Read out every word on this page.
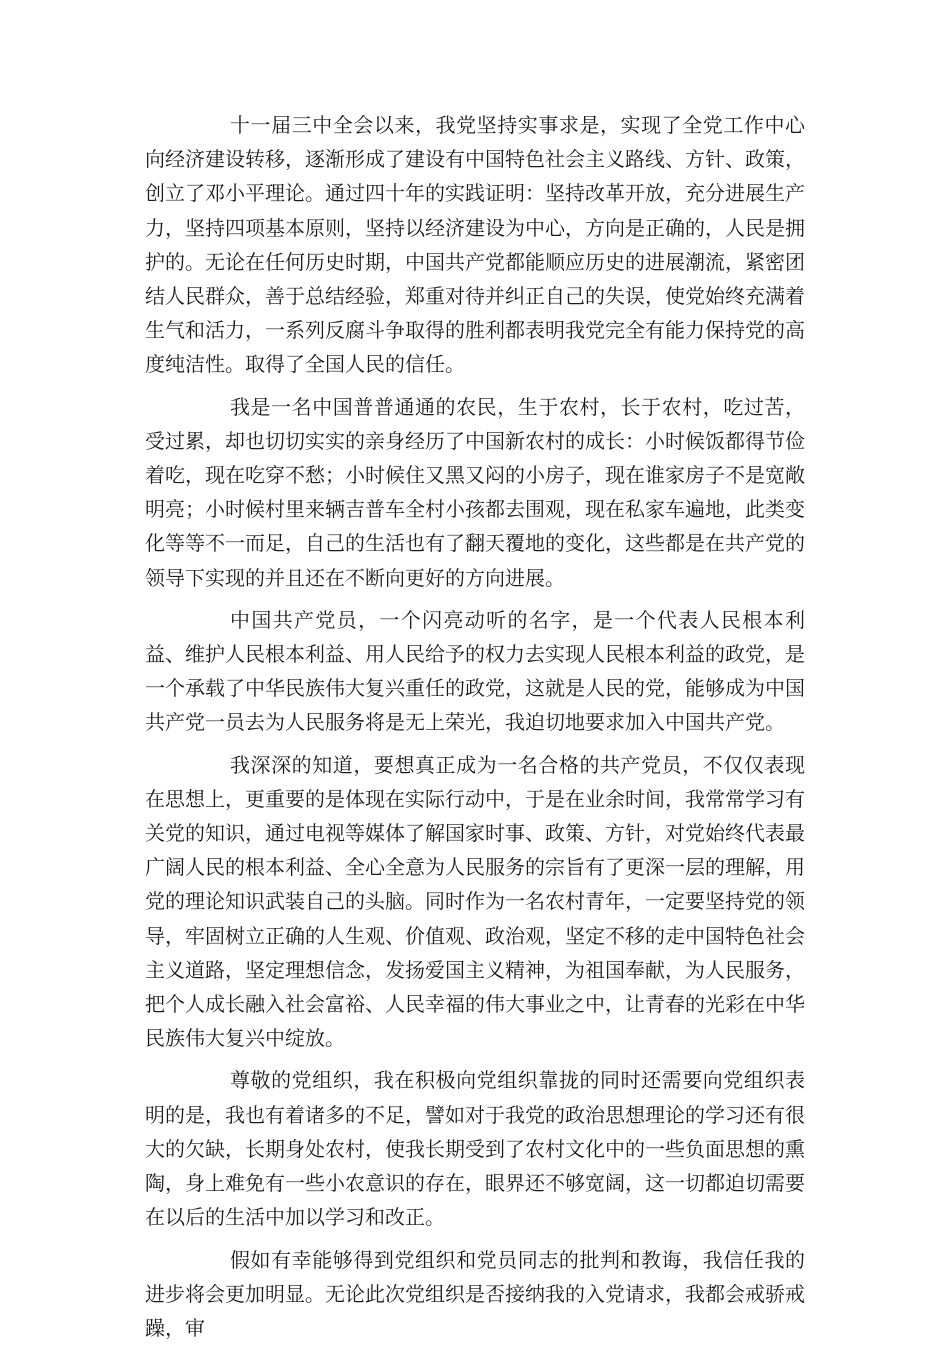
十一届三中全会以来，我党坚持实事求是，实现了全党工作中心向经济建设转移，逐渐形成了建设有中国特色社会主义路线、方针、政策，创立了邓小平理论。通过四十年的实践证明：坚持改革开放，充分进展生产力，坚持四项基本原则，坚持以经济建设为中心，方向是正确的，人民是拥护的。无论在任何历史时期，中国共产党都能顺应历史的进展潮流，紧密团结人民群众，善于总结经验，郑重对待并纠正自己的失误，使党始终充满着生气和活力，一系列反腐斗争取得的胜利都表明我党完全有能力保持党的高度纯洁性。取得了全国人民的信任。

我是一名中国普普通通的农民，生于农村，长于农村，吃过苦，受过累，却也切切实实的亲身经历了中国新农村的成长：小时候饭都得节俭着吃，现在吃穿不愁；小时候住又黑又闷的小房子，现在谁家房子不是宽敞明亮；小时候村里来辆吉普车全村小孩都去围观，现在私家车遍地，此类变化等等不一而足，自己的生活也有了翻天覆地的变化，这些都是在共产党的领导下实现的并且还在不断向更好的方向进展。

中国共产党员，一个闪亮动听的名字，是一个代表人民根本利益、维护人民根本利益、用人民给予的权力去实现人民根本利益的政党，是一个承载了中华民族伟大复兴重任的政党，这就是人民的党，能够成为中国共产党一员去为人民服务将是无上荣光，我迫切地要求加入中国共产党。

我深深的知道，要想真正成为一名合格的共产党员，不仅仅表现在思想上，更重要的是体现在实际行动中，于是在业余时间，我常常学习有关党的知识，通过电视等媒体了解国家时事、政策、方针，对党始终代表最广阔人民的根本利益、全心全意为人民服务的宗旨有了更深一层的理解，用党的理论知识武装自己的头脑。同时作为一名农村青年，一定要坚持党的领导，牢固树立正确的人生观、价值观、政治观，坚定不移的走中国特色社会主义道路，坚定理想信念，发扬爱国主义精神，为祖国奉献，为人民服务，把个人成长融入社会富裕、人民幸福的伟大事业之中，让青春的光彩在中华民族伟大复兴中绽放。

尊敬的党组织，我在积极向党组织靠拢的同时还需要向党组织表明的是，我也有着诸多的不足，譬如对于我党的政治思想理论的学习还有很大的欠缺，长期身处农村，使我长期受到了农村文化中的一些负面思想的熏陶，身上难免有一些小农意识的存在，眼界还不够宽阔，这一切都迫切需要在以后的生活中加以学习和改正。

假如有幸能够得到党组织和党员同志的批判和教诲，我信任我的进步将会更加明显。无论此次党组织是否接纳我的入党请求，我都会戒骄戒躁，审
